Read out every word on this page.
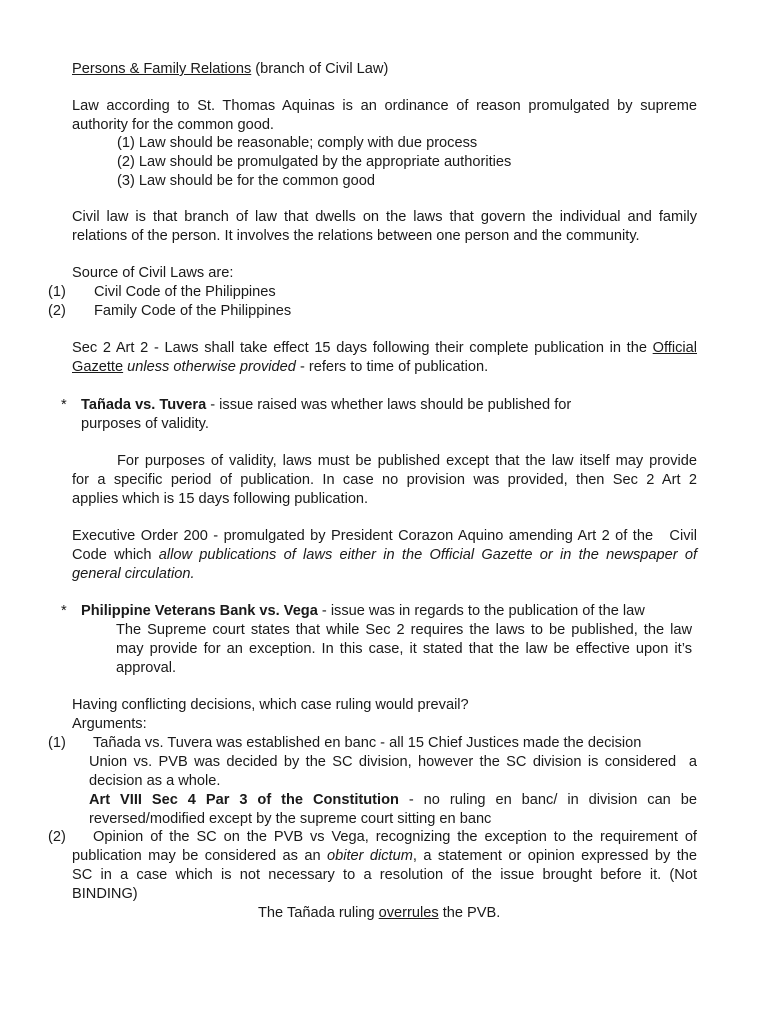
Persons & Family Relations (branch of Civil Law)
Law according to St. Thomas Aquinas is an ordinance of reason promulgated by supreme
authority for the common good.
(1) Law should be reasonable; comply with due process
(2) Law should be promulgated by the appropriate authorities
(3) Law should be for the common good
Civil law is that branch of law that dwells on the laws that govern the individual and family
relations of the person. It involves the relations between one person and the community.
Source of Civil Laws are:
(1) Civil Code of the Philippines
(2) Family Code of the Philippines
Sec 2 Art 2 - Laws shall take effect 15 days following their complete publication in the Official
Gazette unless otherwise provided - refers to time of publication.
* Tañada vs. Tuvera - issue raised was whether laws should be published for
purposes of validity.
For purposes of validity, laws must be published except that the law itself may provide
for a specific period of publication. In case no provision was provided, then Sec 2 Art 2
applies which is 15 days following publication.
Executive Order 200 - promulgated by President Corazon Aquino amending Art 2 of the   Civil
Code which allow publications of laws either in the Official Gazette or in the newspaper of
general circulation.
* Philippine Veterans Bank vs. Vega - issue was in regards to the publication of the law
The Supreme court states that while Sec 2 requires the laws to be published, the law
may provide for an exception. In this case, it stated that the law be effective upon it’s
approval.
Having conflicting decisions, which case ruling would prevail?
Arguments:
(1) Tañada vs. Tuvera was established en banc - all 15 Chief Justices made the decision
Union vs. PVB was decided by the SC division, however the SC division is considered  a
decision as a whole.
Art VIII Sec 4 Par 3 of the Constitution - no ruling en banc/ in division can be
reversed/modified except by the supreme court sitting en banc
(2)	Opinion of the SC on the PVB vs Vega, recognizing the exception to the requirement of
publication may be considered as an obiter dictum, a statement or opinion expressed by the
SC in a case which is not necessary to a resolution of the issue brought before it. (Not
BINDING)
The Tañada ruling overrules the PVB.
